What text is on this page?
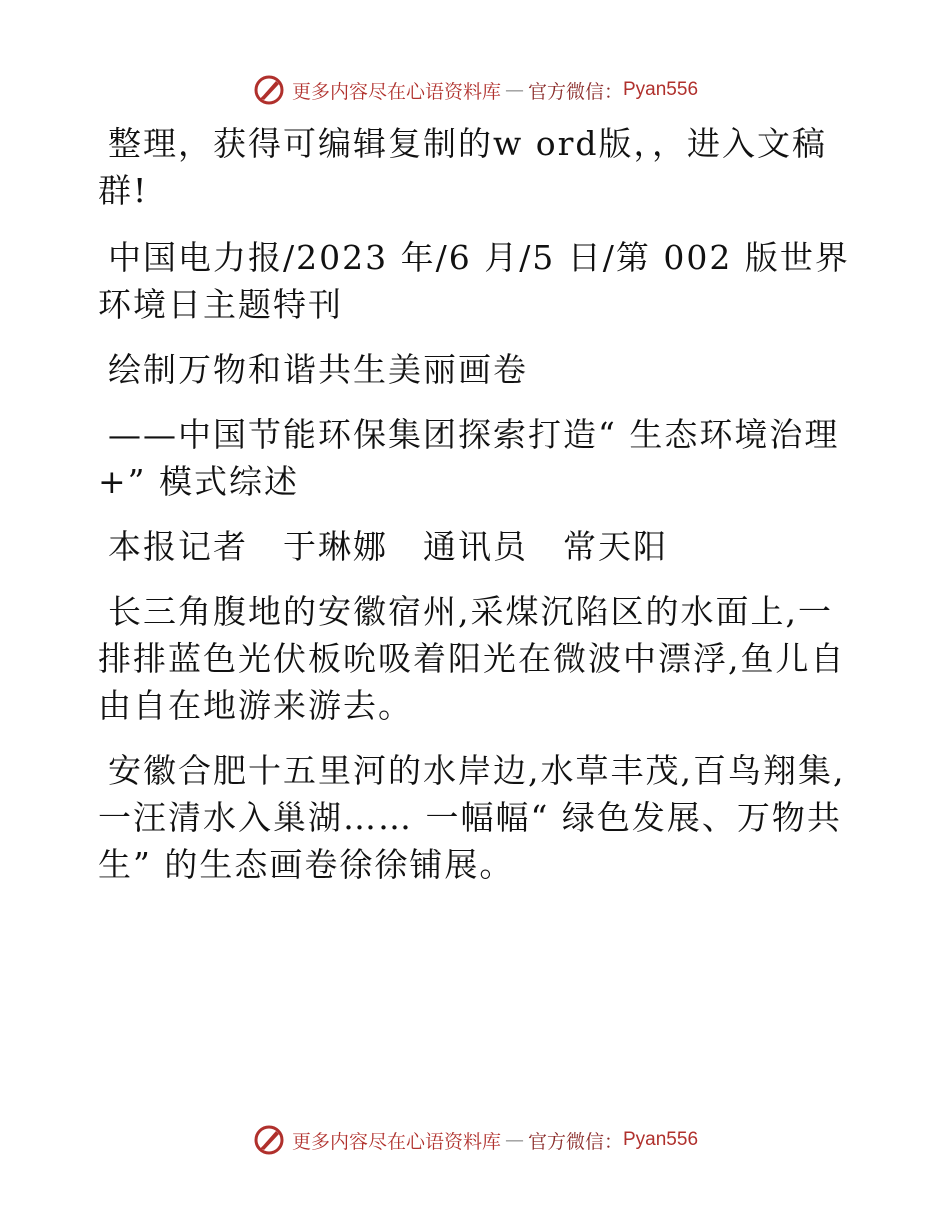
更多内容尽在心语资料库 — 官方微信： Pyan556

整理，获得可编辑复制的w ord版，，进入文稿群!

中国电力报/2023 年/6 月/5 日/第 002 版世界环境日主题特刊

绘制万物和谐共生美丽画卷

——中国节能环保集团探索打造“ 生态环境治理+” 模式综述

本报记者　于琳娜　通讯员　常天阳

长三角腹地的安徽宿州,采煤沉陷区的水面上,一排排蓝色光伏板吮吸着阳光在微波中漂浮,鱼儿自由自在地游来游去。

安徽合肥十五里河的水岸边,水草丰茂,百鸟翔集,一汪清水入巢湖…… 一幅幅“ 绿色发展、万物共生” 的生态画卷徐徐铺展。

更多内容尽在心语资料库 — 官方微信： Pyan556
